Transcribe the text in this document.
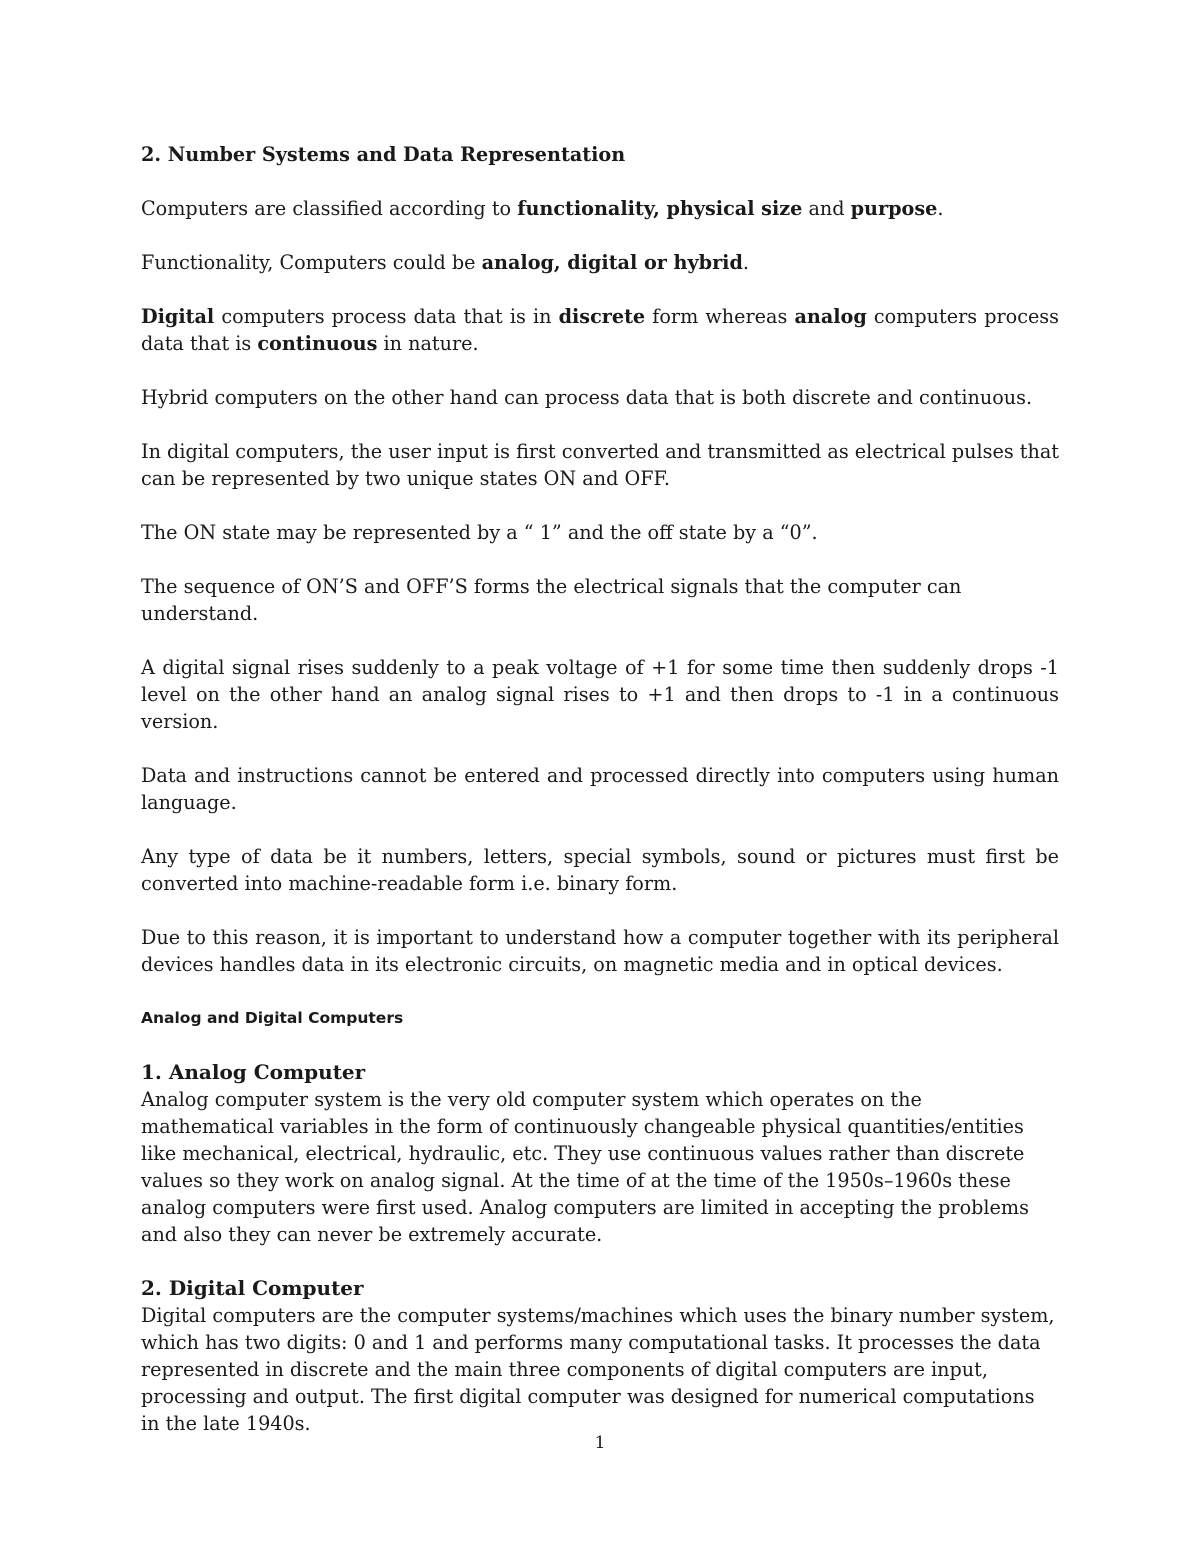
2. Number Systems and Data Representation

Computers are classified according to functionality, physical size and purpose.

Functionality, Computers could be analog, digital or hybrid.

Digital computers process data that is in discrete form whereas analog computers process data that is continuous in nature.

Hybrid computers on the other hand can process data that is both discrete and continuous.

In digital computers, the user input is first converted and transmitted as electrical pulses that can be represented by two unique states ON and OFF.

The ON state may be represented by a “ 1” and the off state by a “0”.

The sequence of ON’S and OFF’S forms the electrical signals that the computer can understand.

A digital signal rises suddenly to a peak voltage of +1 for some time then suddenly drops -1 level on the other hand an analog signal rises to +1 and then drops to -1 in a continuous version.

Data and instructions cannot be entered and processed directly into computers using human language.

Any type of data be it numbers, letters, special symbols, sound or pictures must first be converted into machine-readable form i.e. binary form.

Due to this reason, it is important to understand how a computer together with its peripheral devices handles data in its electronic circuits, on magnetic media and in optical devices.

Analog and Digital Computers

1. Analog Computer

Analog computer system is the very old computer system which operates on the mathematical variables in the form of continuously changeable physical quantities/entities like mechanical, electrical, hydraulic, etc. They use continuous values rather than discrete values so they work on analog signal. At the time of at the time of the 1950s–1960s these analog computers were first used. Analog computers are limited in accepting the problems and also they can never be extremely accurate.

2. Digital Computer

Digital computers are the computer systems/machines which uses the binary number system, which has two digits: 0 and 1 and performs many computational tasks. It processes the data represented in discrete and the main three components of digital computers are input, processing and output. The first digital computer was designed for numerical computations in the late 1940s.

1
